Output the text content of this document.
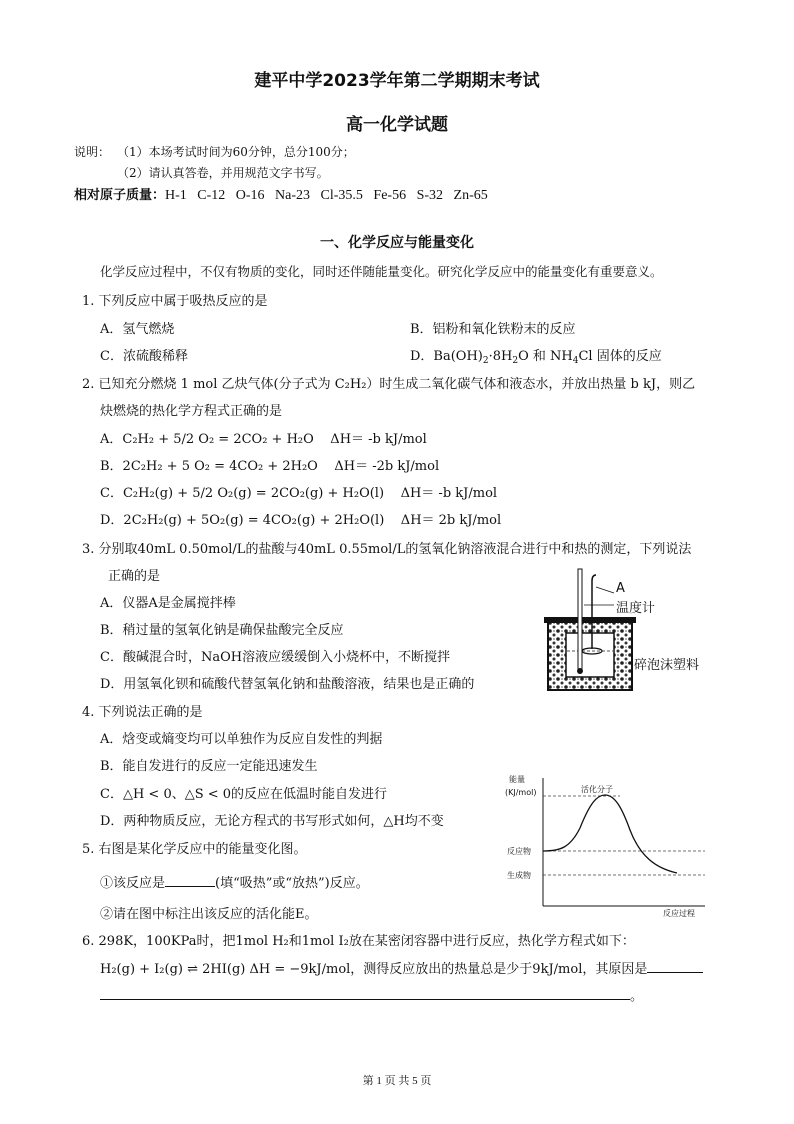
建平中学2023学年第二学期期末考试
高一化学试题
说明： （1）本场考试时间为60分钟，总分100分；
（2）请认真答卷，并用规范文字书写。
相对原子质量：H-1   C-12   O-16   Na-23   Cl-35.5   Fe-56   S-32   Zn-65
一、化学反应与能量变化
化学反应过程中，不仅有物质的变化，同时还伴随能量变化。研究化学反应中的能量变化有重要意义。
1. 下列反应中属于吸热反应的是
A．氢气燃烧	B．铝粉和氧化铁粉末的反应
C．浓硫酸稀释	D．$Ba(OH)_2\cdot 8H_2O$ 和 $NH_4Cl$ 固体的反应
2. 已知充分燃烧 1 mol 乙炔气体(分子式为 C₂H₂）时生成二氧化碳气体和液态水，并放出热量 b kJ，则乙
炔燃烧的热化学方程式正确的是
A．C₂H₂ + 5/2 O₂ = 2CO₂ + H₂O    ΔH＝ -b kJ/mol
B．2C₂H₂ + 5 O₂ = 4CO₂ + 2H₂O    ΔH＝ -2b kJ/mol
C．C₂H₂(g) + 5/2 O₂(g) = 2CO₂(g) + H₂O(l)    ΔH＝ -b kJ/mol
D．2C₂H₂(g) + 5O₂(g) = 4CO₂(g) + 2H₂O(l)    ΔH＝ 2b kJ/mol
3. 分别取40mL 0.50mol/L的盐酸与40mL 0.55mol/L的氢氧化钠溶液混合进行中和热的测定，下列说法
正确的是
A．仪器A是金属搅拌棒
B．稍过量的氢氧化钠是确保盐酸完全反应
C．酸碱混合时，NaOH溶液应缓缓倒入小烧杯中，不断搅拌
D．用氢氧化钡和硫酸代替氢氧化钠和盐酸溶液，结果也是正确的
A
温度计
碎泡沫塑料
4. 下列说法正确的是
A．焓变或熵变均可以单独作为反应自发性的判据
B．能自发进行的反应一定能迅速发生
C．△H < 0、△S < 0的反应在低温时能自发进行
D．两种物质反应，无论方程式的书写形式如何，△H均不变
能量
(KJ/mol)	活化分子
反应物
生成物
反应过程
5. 右图是某化学反应中的能量变化图。
①该反应是	(填“吸热”或“放热”)反应。
②请在图中标注出该反应的活化能E。
6. 298K，100KPa时，把1mol H₂和1mol I₂放在某密闭容器中进行反应，热化学方程式如下：
H₂(g) + I₂(g) ⇌ 2HI(g) ΔH = −9kJ/mol，测得反应放出的热量总是少于9kJ/mol，其原因是
。
第 1 页 共 5 页
